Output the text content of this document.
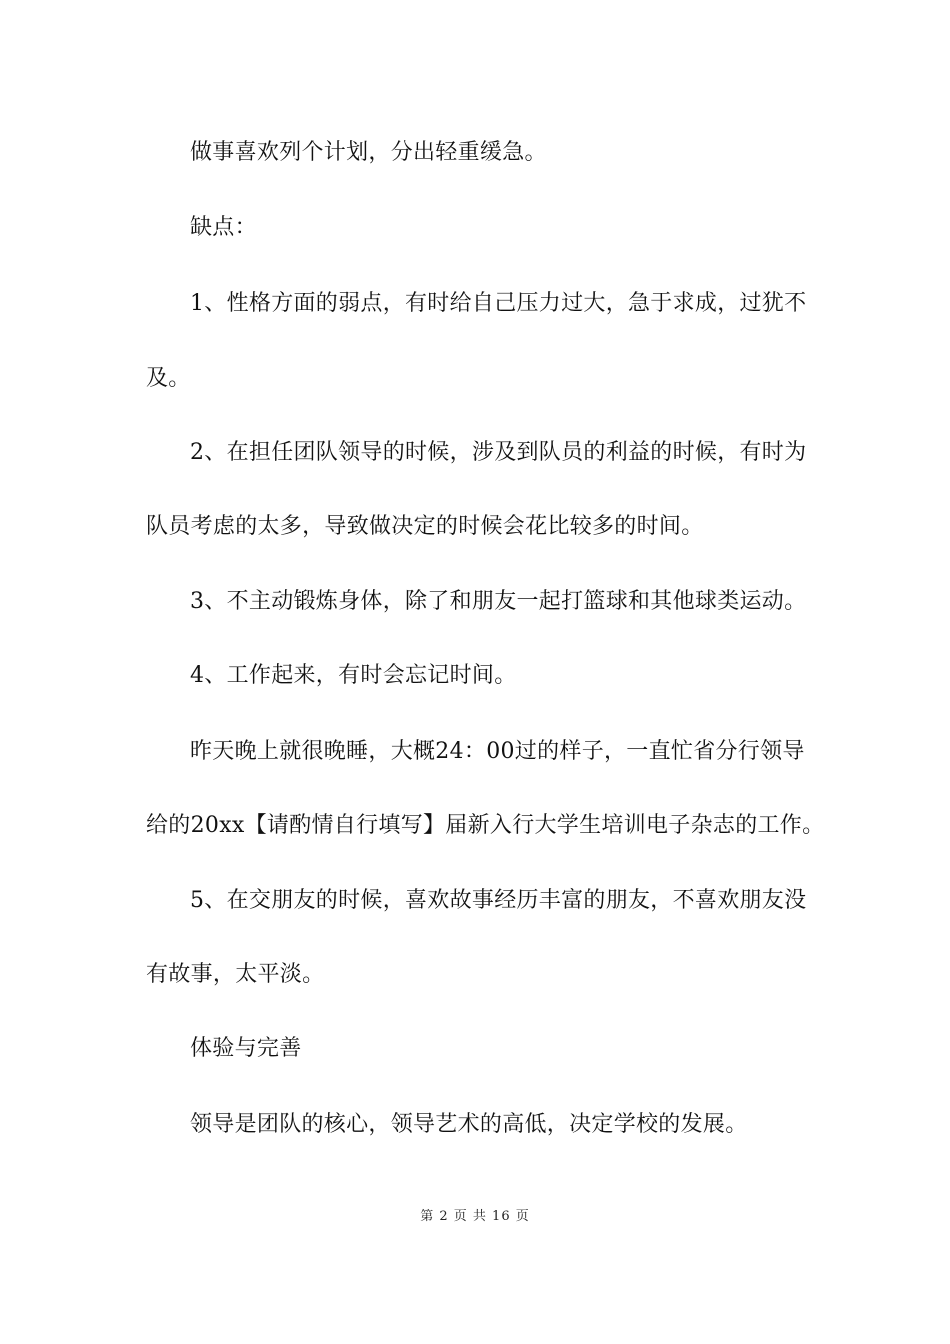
做事喜欢列个计划，分出轻重缓急。
缺点：
1、性格方面的弱点，有时给自己压力过大，急于求成，过犹不
及。
2、在担任团队领导的时候，涉及到队员的利益的时候，有时为
队员考虑的太多，导致做决定的时候会花比较多的时间。
3、不主动锻炼身体，除了和朋友一起打篮球和其他球类运动。
4、工作起来，有时会忘记时间。
昨天晚上就很晚睡，大概24：00过的样子，一直忙省分行领导
给的20xx【请酌情自行填写】届新入行大学生培训电子杂志的工作。
5、在交朋友的时候，喜欢故事经历丰富的朋友，不喜欢朋友没
有故事，太平淡。
体验与完善
领导是团队的核心，领导艺术的高低，决定学校的发展。
第 2 页 共 16 页
